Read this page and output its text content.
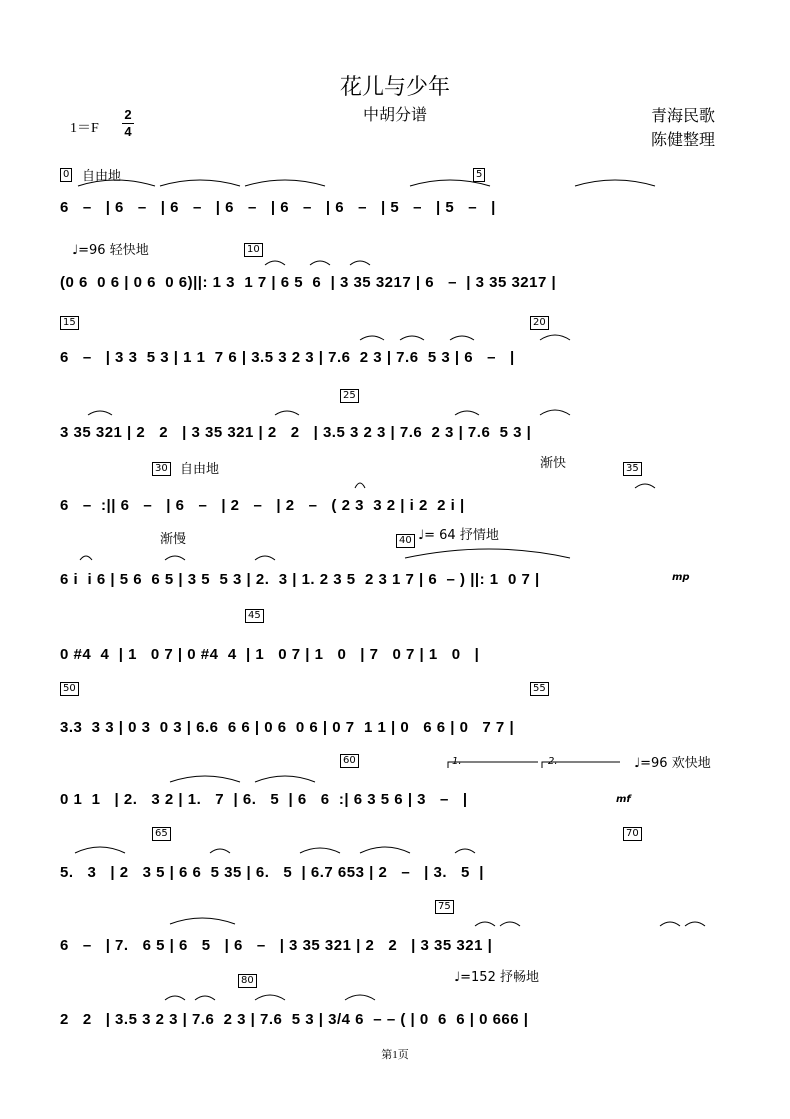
花儿与少年
中胡分谱
1＝F
2
4
青海民歌
陈健整理
0 自由地	5
6   –   | 6   –   | 6   –   | 6   –   | 6   –   | 6   –   | 5   –   | 5   –   |
♩=96 轻快地	10
(0 6  0 6 | 0 6  0 6)||: 1 3  1 7 | 6 5  6  | 3 35 3217 | 6   –  | 3 35 3217 |
15	20
6   –   | 3 3  5 3 | 1 1  7 6 | 3.5 3 2 3 | 7.6  2 3 | 7.6  5 3 | 6   –   |
25
3 35 321 | 2   2   | 3 35 321 | 2   2   | 3.5 3 2 3 | 7.6  2 3 | 7.6  5 3 |
30 自由地	渐快	35
6   –  :|| 6   –   | 6   –   | 2   –   | 2   –   ( 2 3  3 2 | i 2  2 i |
渐慢	40 ♩= 64 抒情地
mp
6 i  i 6 | 5 6  6 5 | 3 5  5 3 | 2.  3 | 1. 2 3 5  2 3 1 7 | 6  – ) ||: 1  0 7 |
45
0 #4  4  | 1   0 7 | 0 #4  4  | 1   0 7 | 1   0   | 7   0 7 | 1   0   |
50	55
3.3  3 3 | 0 3  0 3 | 6.6  6 6 | 0 6  0 6 | 0 7  1 1 | 0   6 6 | 0   7 7 |
60	1.	2.	♩=96 欢快地
mf
0 1  1   | 2.   3 2 | 1.   7  | 6.   5  | 6   6  :| 6 3 5 6 | 3   –   |
65	70
5.   3   | 2   3 5 | 6 6  5 35 | 6.   5  | 6.7 653 | 2   –   | 3.   5  |
75
6   –   | 7.   6 5 | 6   5   | 6   –   | 3 35 321 | 2   2   | 3 35 321 |
80	♩=152 抒畅地
2   2   | 3.5 3 2 3 | 7.6  2 3 | 7.6  5 3 | 3/4 6  – – ( | 0  6  6 | 0 666 |
第1页
